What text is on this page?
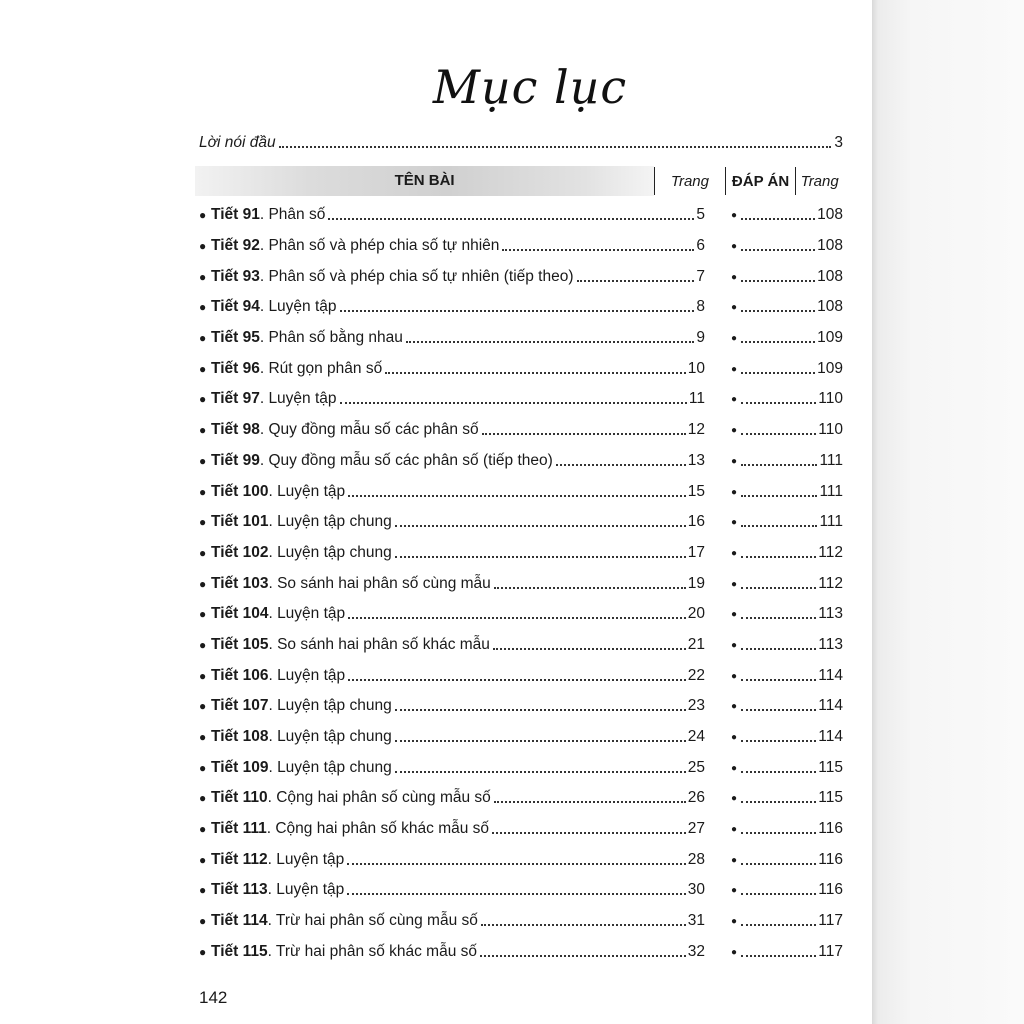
Mục lục
Lời nói đầu	3
TÊN BÀI	Trang	ĐÁP ÁN Trang
● Tiết 91 . Phân số	5	●	108
● Tiết 92 . Phân số và phép chia số tự nhiên	6	●	108
● Tiết 93 . Phân số và phép chia số tự nhiên (tiếp theo)	7	●	108
● Tiết 94 . Luyện tập	8	●	108
● Tiết 95 . Phân số bằng nhau	9	●	109
● Tiết 96 . Rút gọn phân số	10	●	109
● Tiết 97 . Luyện tập	11	●	110
● Tiết 98 . Quy đồng mẫu số các phân số	12	●	110
● Tiết 99 . Quy đồng mẫu số các phân số (tiếp theo)	13	●	111
● Tiết 100 . Luyện tập	15	●	111
● Tiết 101 . Luyện tập chung	16	●	111
● Tiết 102 . Luyện tập chung	17	●	112
● Tiết 103 . So sánh hai phân số cùng mẫu	19	●	112
● Tiết 104 . Luyện tập	20	●	113
● Tiết 105 . So sánh hai phân số khác mẫu	21	●	113
● Tiết 106 . Luyện tập	22	●	114
● Tiết 107 . Luyện tập chung	23	●	114
● Tiết 108 . Luyện tập chung	24	●	114
● Tiết 109 . Luyện tập chung	25	●	115
● Tiết 110 . Cộng hai phân số cùng mẫu số	26	●	115
● Tiết 111 . Cộng hai phân số khác mẫu số	27	●	116
● Tiết 112 . Luyện tập	28	●	116
● Tiết 113 . Luyện tập	30	●	116
● Tiết 114 . Trừ hai phân số cùng mẫu số	31	●	117
● Tiết 115 . Trừ hai phân số khác mẫu số	32	●	117
142
